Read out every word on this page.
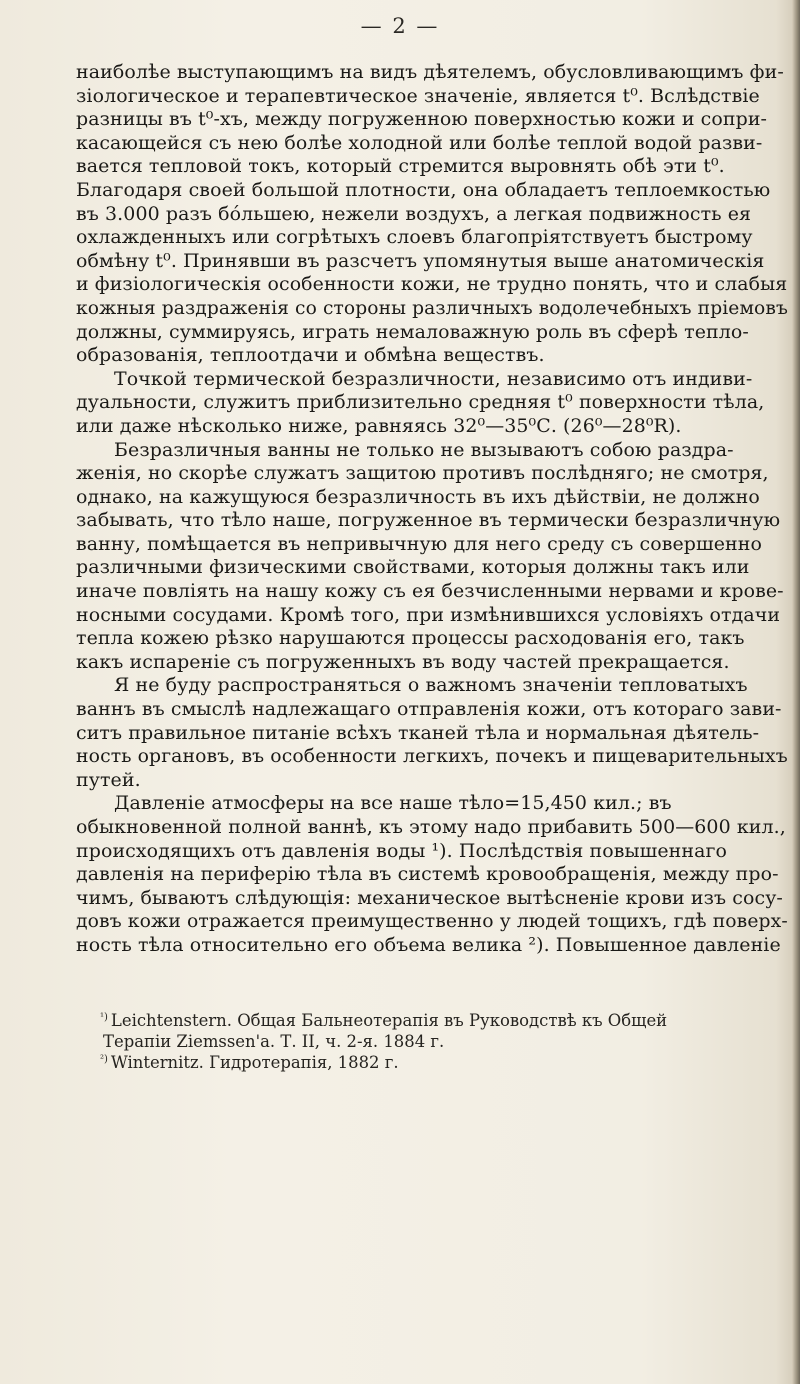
— 2 —
наиболѣе выступающимъ на видъ дѣятелемъ, обусловливающимъ фи-
зіологическое и терапевтическое значеніе, является t⁰. Вслѣдствіе
разницы въ t⁰-хъ, между погруженною поверхностью кожи и сопри-
касающейся съ нею болѣе холодной или болѣе теплой водой разви-
вается тепловой токъ, который стремится выровнять обѣ эти t⁰.
Благодаря своей большой плотности, она обладаетъ теплоемкостью
въ 3.000 разъ бо́льшею, нежели воздухъ, а легкая подвижность ея
охлажденныхъ или согрѣтыхъ слоевъ благопріятствуетъ быстрому
обмѣну t⁰. Принявши въ разсчетъ упомянутыя выше анатомическія
и физіологическія особенности кожи, не трудно понять, что и слабыя
кожныя раздраженія со стороны различныхъ водолечебныхъ пріемовъ
должны, суммируясь, играть немаловажную роль въ сферѣ тепло-
образованія, теплоотдачи и обмѣна веществъ.
Точкой термической безразличности, независимо отъ индиви-
дуальности, служитъ приблизительно средняя t⁰ поверхности тѣла,
или даже нѣсколько ниже, равняясь 32⁰—35⁰С. (26⁰—28⁰R).
Безразличныя ванны не только не вызываютъ собою раздра-
женія, но скорѣе служатъ защитою противъ послѣдняго; не смотря,
однако, на кажущуюся безразличность въ ихъ дѣйствіи, не должно
забывать, что тѣло наше, погруженное въ термически безразличную
ванну, помѣщается въ непривычную для него среду съ совершенно
различными физическими свойствами, которыя должны такъ или
иначе повліять на нашу кожу съ ея безчисленными нервами и крове-
носными сосудами. Кромѣ того, при измѣнившихся условіяхъ отдачи
тепла кожею рѣзко нарушаются процессы расходованія его, такъ
какъ испареніе съ погруженныхъ въ воду частей прекращается.
Я не буду распространяться о важномъ значеніи тепловатыхъ
ваннъ въ смыслѣ надлежащаго отправленія кожи, отъ котораго зави-
ситъ правильное питаніе всѣхъ тканей тѣла и нормальная дѣятель-
ность органовъ, въ особенности легкихъ, почекъ и пищеварительныхъ
путей.
Давленіе атмосферы на все наше тѣло=15,450 кил.; въ
обыкновенной полной ваннѣ, къ этому надо прибавить 500—600 кил.,
происходящихъ отъ давленія воды ¹). Послѣдствія повышеннаго
давленія на периферію тѣла въ системѣ кровообращенія, между про-
чимъ, бываютъ слѣдующія: механическое вытѣсненіе крови изъ сосу-
довъ кожи отражается преимущественно у людей тощихъ, гдѣ поверх-
ность тѣла относительно его объема велика ²). Повышенное давленіе
$^{^1)}$ Leichtenstern. Общая Бальнеотерапія въ Руководствѣ къ Общей
Терапіи Ziemssen'a. Т. II, ч. 2-я. 1884 г.
$^{^2)}$ Winternitz. Гидротерапія, 1882 г.
